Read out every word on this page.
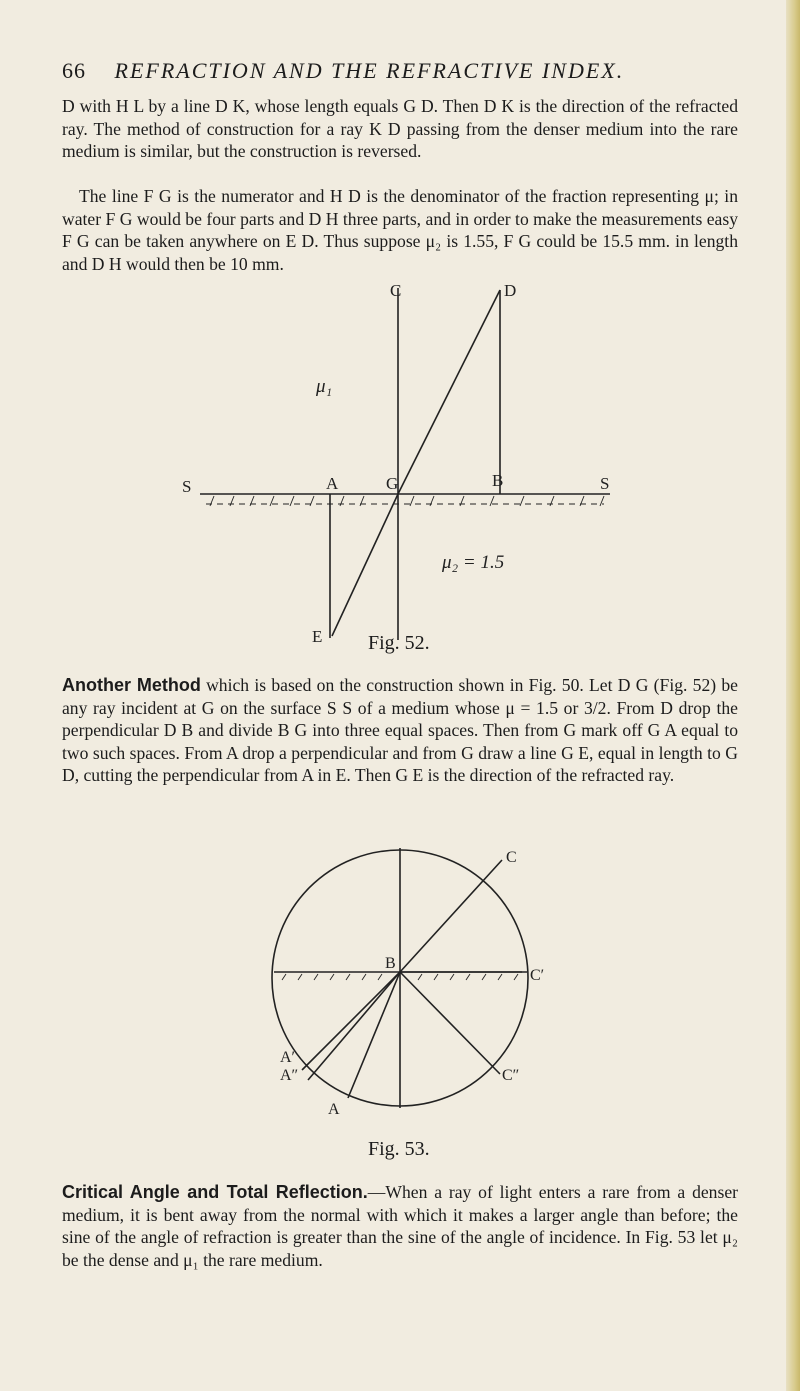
66 REFRACTION AND THE REFRACTIVE INDEX.

D with H L by a line D K, whose length equals G D. Then D K is the direction of the refracted ray. The method of construction for a ray K D passing from the denser medium into the rare medium is similar, but the construction is reversed.

The line F G is the numerator and H D is the denominator of the fraction representing μ; in water F G would be four parts and D H three parts, and in order to make the measurements easy F G can be taken anywhere on E D. Thus suppose μ₂ is 1.55, F G could be 15.5 mm. in length and D H would then be 10 mm.

S	A	G	B	S
D
C
E
μ₁
μ₂ = 1.5
Fig. 52.

Another Method which is based on the construction shown in Fig. 50. Let D G (Fig. 52) be any ray incident at G on the surface S S of a medium whose μ = 1.5 or 3/2. From D drop the perpendicular D B and divide B G into three equal spaces. Then from G mark off G A equal to two such spaces. From A drop a perpendicular and from G draw a line G E, equal in length to G D, cutting the perpendicular from A in E. Then G E is the direction of the refracted ray.

C
C′
B
A′
A″
A
C″
Fig. 53.

Critical Angle and Total Reflection.—When a ray of light enters a rare from a denser medium, it is bent away from the normal with which it makes a larger angle than before; the sine of the angle of refraction is greater than the sine of the angle of incidence. In Fig. 53 let μ₂ be the dense and μ₁ the rare medium.
